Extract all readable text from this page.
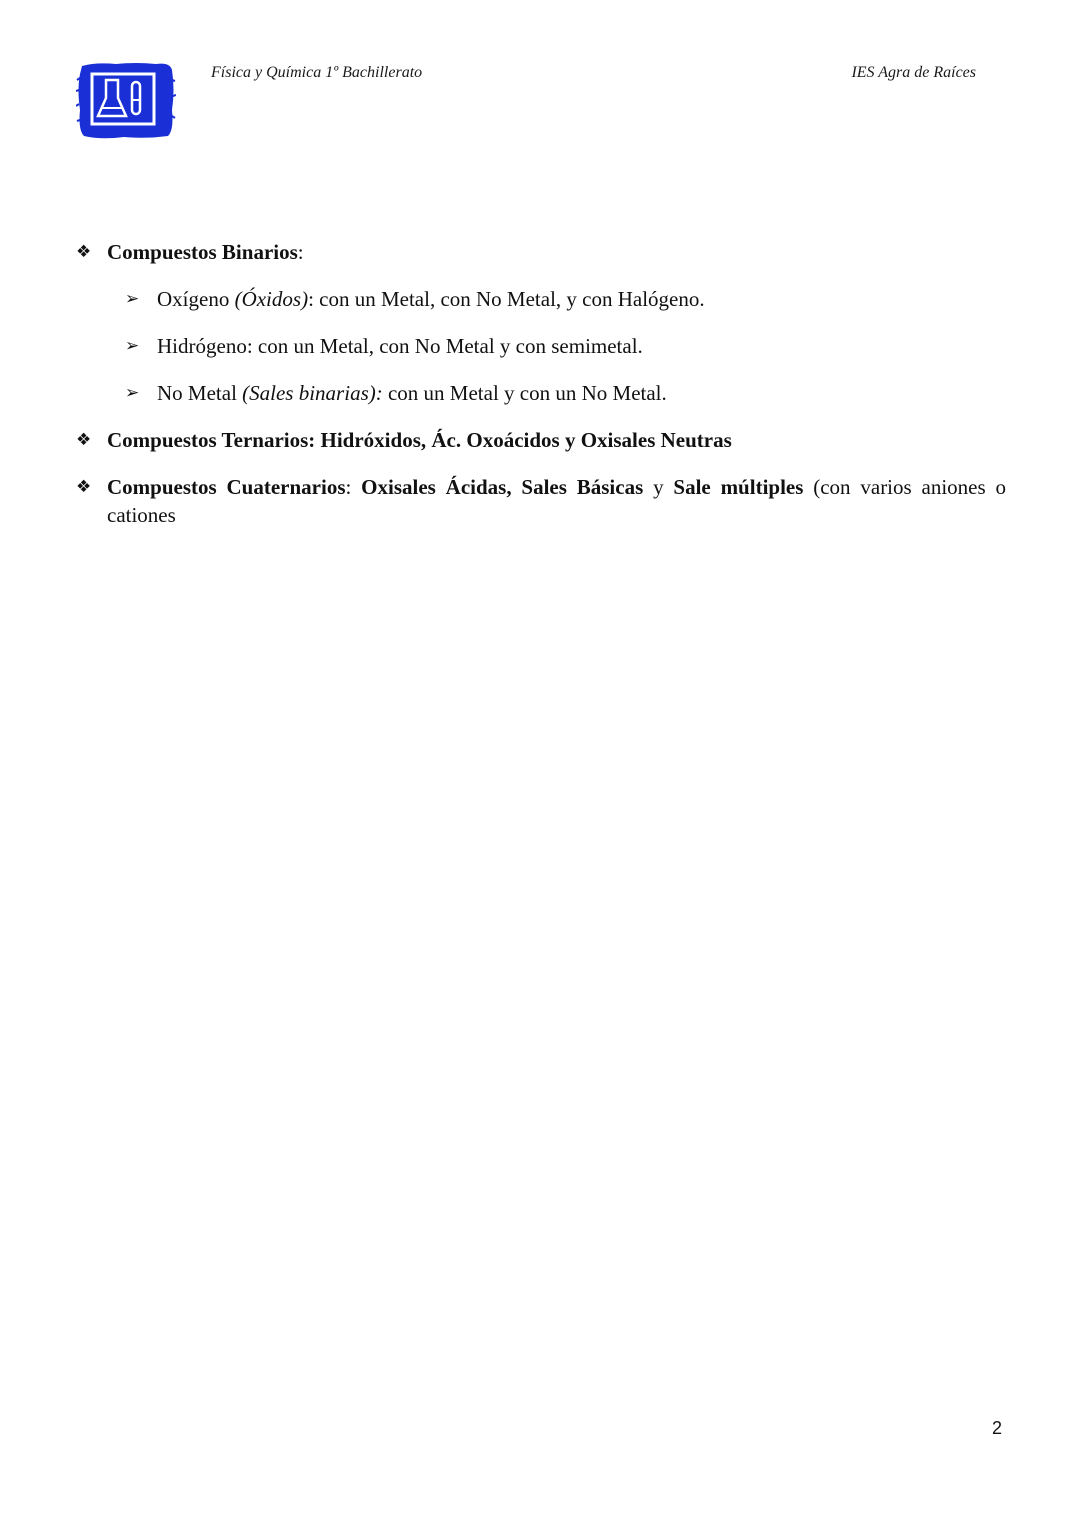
Física y Química 1º Bachillerato	IES Agra de Raíces
❖ Compuestos Binarios:
➢ Oxígeno (Óxidos): con un Metal, con No Metal, y con Halógeno.
➢ Hidrógeno: con un Metal, con No Metal y con semimetal.
➢ No Metal (Sales binarias): con un Metal y con un No Metal.
❖ Compuestos Ternarios: Hidróxidos, Ác. Oxoácidos y Oxisales Neutras
❖ Compuestos Cuaternarios: Oxisales Ácidas, Sales Básicas y Sale múltiples (con varios aniones o cationes
2
